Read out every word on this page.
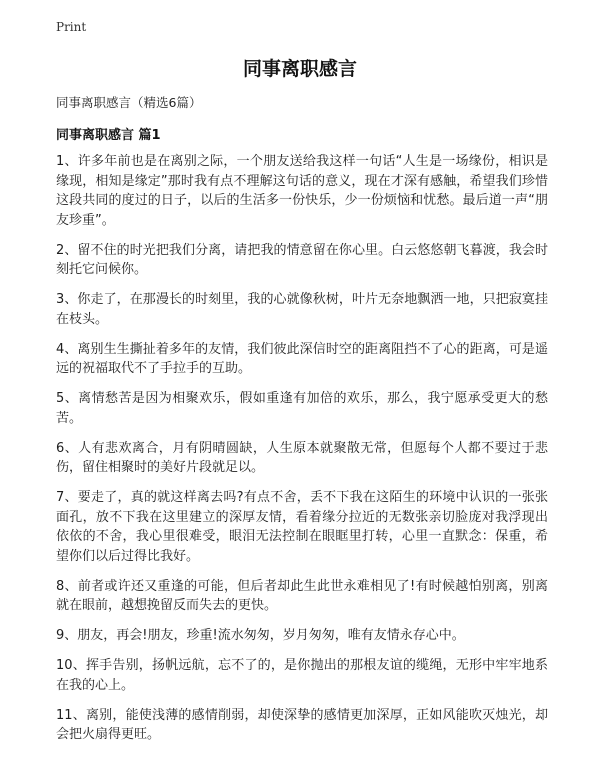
Print
同事离职感言
同事离职感言（精选6篇）
同事离职感言 篇1

1、许多年前也是在离别之际，一个朋友送给我这样一句话“人生是一场缘份，相识是缘现，相知是缘定”那时我有点不理解这句话的意义，现在才深有感触，希望我们珍惜这段共同的度过的日子，以后的生活多一份快乐，少一份烦恼和忧愁。最后道一声“朋友珍重”。

2、留不住的时光把我们分离，请把我的情意留在你心里。白云悠悠朝飞暮渡，我会时刻托它问候你。

3、你走了，在那漫长的时刻里，我的心就像秋树，叶片无奈地飘洒一地，只把寂寞挂在枝头。

4、离别生生撕扯着多年的友情，我们彼此深信时空的距离阻挡不了心的距离，可是遥远的祝福取代不了手拉手的互助。

5、离情愁苦是因为相聚欢乐，假如重逢有加倍的欢乐，那么，我宁愿承受更大的愁苦。

6、人有悲欢离合，月有阴晴圆缺，人生原本就聚散无常，但愿每个人都不要过于悲伤，留住相聚时的美好片段就足以。

7、要走了，真的就这样离去吗?有点不舍，丢不下我在这陌生的环境中认识的一张张面孔，放不下我在这里建立的深厚友情，看着缘分拉近的无数张亲切脸庞对我浮现出依依的不舍，我心里很难受，眼泪无法控制在眼眶里打转，心里一直默念：保重，希望你们以后过得比我好。

8、前者或许还又重逢的可能，但后者却此生此世永难相见了!有时候越怕别离，别离就在眼前，越想挽留反而失去的更快。

9、朋友，再会!朋友，珍重!流水匆匆，岁月匆匆，唯有友情永存心中。

10、挥手告别，扬帆远航，忘不了的，是你抛出的那根友谊的缆绳，无形中牢牢地系在我的心上。

11、离别，能使浅薄的感情削弱，却使深挚的感情更加深厚，正如风能吹灭烛光，却会把火扇得更旺。
